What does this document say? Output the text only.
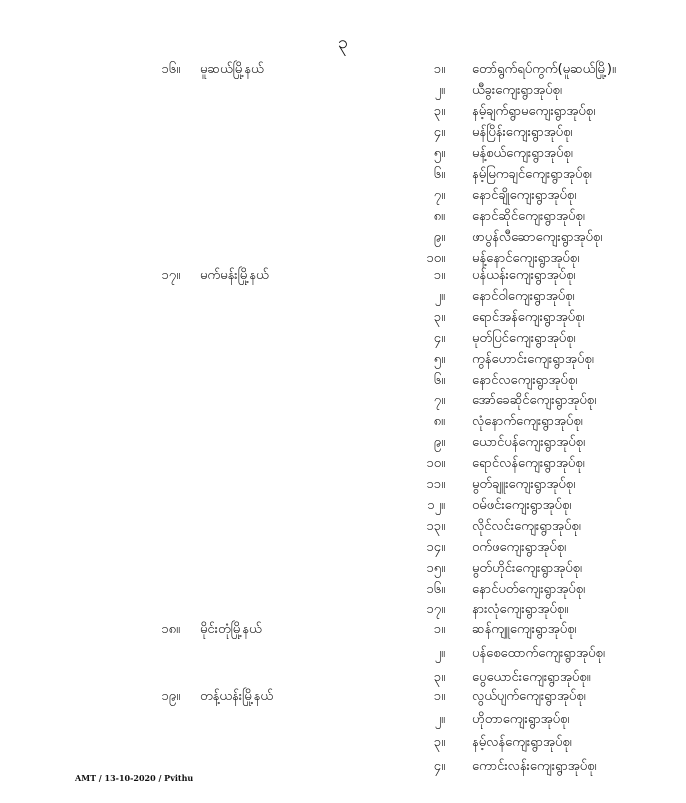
၃
၁၆။ မူဆယ်မြို့နယ်	၁။ တော်ရွက်ရပ်ကွက်(မူဆယ်မြို့)။
၂။ ယီခွးကျေးရွာအုပ်စု၊
၃။ နမ့်ချက်ရွာမကျေးရွာအုပ်စု၊
၄။ မန်ပြိန်းကျေးရွာအုပ်စု၊
၅။ မန့်စယ်ကျေးရွာအုပ်စု၊
၆။ နမ့်မြကချင်ကျေးရွာအုပ်စု၊
၇။ နောင်ချိုကျေးရွာအုပ်စု၊
၈။ နောင်ဆိုင်ကျေးရွာအုပ်စု၊
၉။ ဖာပွန်လီဆောကျေးရွာအုပ်စု၊
၁၀။ မန့်နောင်ကျေးရွာအုပ်စု၊
၁၇။ မက်မန်းမြို့နယ်	၁။ ပန်ယန်းကျေးရွာအုပ်စု၊
၂။ နောင်ဝါကျေးရွာအုပ်စု၊
၃။ ရောင်အန်ကျေးရွာအုပ်စု၊
၄။ မုတ်ပြင်ကျေးရွာအုပ်စု၊
၅။ ကွန်ဟောင်းကျေးရွာအုပ်စု၊
၆။ နောင်လကျေးရွာအုပ်စု၊
၇။ အော်ခေဆိုင်ကျေးရွာအုပ်စု၊
၈။ လုံနောက်ကျေးရွာအုပ်စု၊
၉။ ယောင်ပန်ကျေးရွာအုပ်စု၊
၁၀။ ရောင်လန်ကျေးရွာအုပ်စု၊
၁၁။ မွတ်ချူးကျေးရွာအုပ်စု၊
၁၂။ ဝမ်ဖင်းကျေးရွာအုပ်စု၊
၁၃။ လိုင်လင်းကျေးရွာအုပ်စု၊
၁၄။ ဝက်ဖကျေးရွာအုပ်စု၊
၁၅။ မွတ်ဟိုင်းကျေးရွာအုပ်စု၊
၁၆။ နောင်ပတ်ကျေးရွာအုပ်စု၊
၁၇။ နားလုံကျေးရွာအုပ်စု။
၁၈။ မိုင်းတုံမြို့နယ်	၁။ ဆန်ကျူကျေးရွာအုပ်စု၊
၂။ ပန်စေထောက်ကျေးရွာအုပ်စု၊
၃။ ပွေယောင်းကျေးရွာအုပ်စု။
၁၉။ တန့်ယန်းမြို့နယ်	၁။ လွယ်ပျက်ကျေးရွာအုပ်စု၊
၂။ ဟိုတာကျေးရွာအုပ်စု၊
၃။ နမ့်လန်ကျေးရွာအုပ်စု၊
၄။ ကောင်းလန်းကျေးရွာအုပ်စု၊
AMT / 13-10-2020 / Pvithu
